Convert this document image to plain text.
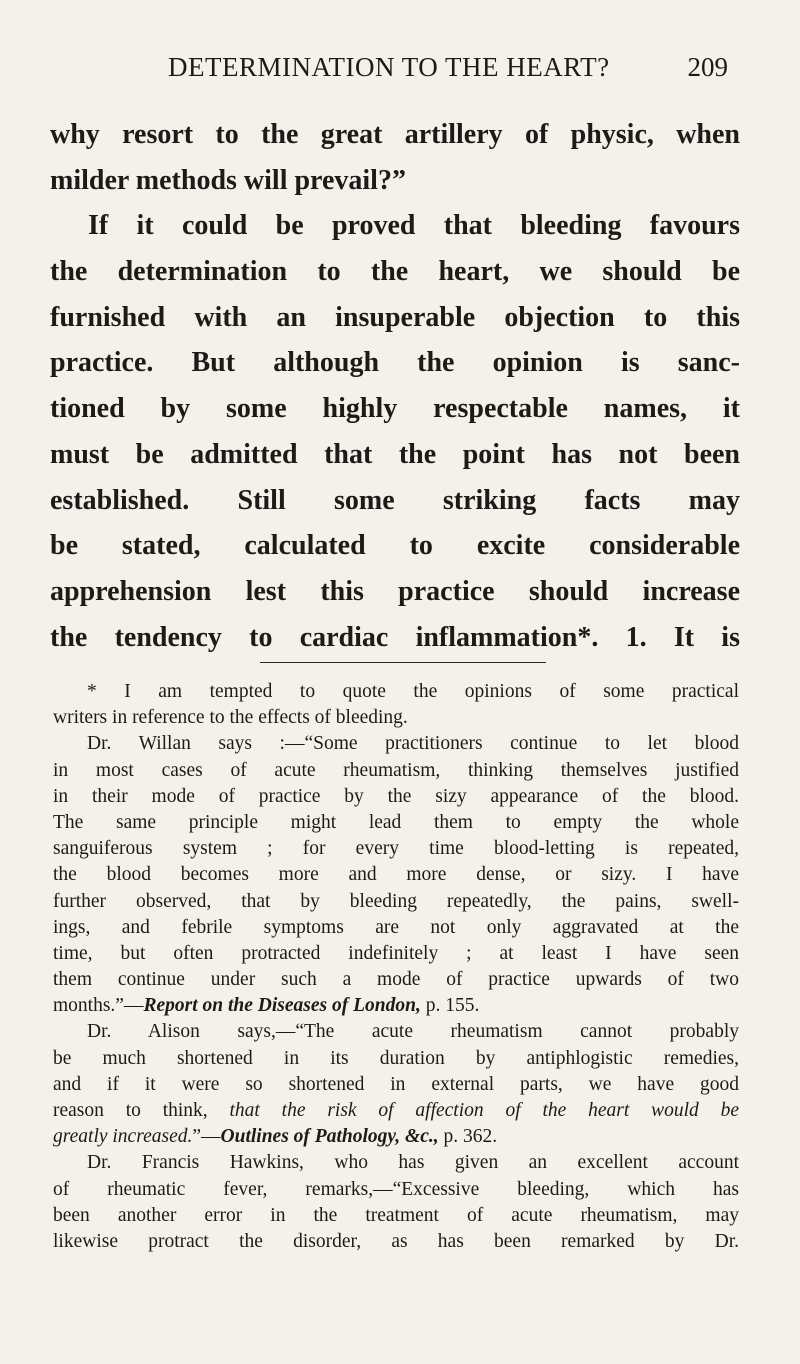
DETERMINATION TO THE HEART?	209
why resort to the great artillery of physic, when
milder methods will prevail?”
If it could be proved that bleeding favours
the determination to the heart, we should be
furnished with an insuperable objection to this
practice. But although the opinion is sanc-
tioned by some highly respectable names, it
must be admitted that the point has not been
established. Still some striking facts may
be stated, calculated to excite considerable
apprehension lest this practice should increase
the tendency to cardiac inflammation*. 1. It is
* I am tempted to quote the opinions of some practical
writers in reference to the effects of bleeding.
Dr. Willan says :—“Some practitioners continue to let blood
in most cases of acute rheumatism, thinking themselves justified
in their mode of practice by the sizy appearance of the blood.
The same principle might lead them to empty the whole
sanguiferous system ; for every time blood-letting is repeated,
the blood becomes more and more dense, or sizy. I have
further observed, that by bleeding repeatedly, the pains, swell-
ings, and febrile symptoms are not only aggravated at the
time, but often protracted indefinitely ; at least I have seen
them continue under such a mode of practice upwards of two
months.”—Report on the Diseases of London, p. 155.
Dr. Alison says,—“The acute rheumatism cannot probably
be much shortened in its duration by antiphlogistic remedies,
and if it were so shortened in external parts, we have good
reason to think, that the risk of affection of the heart would be
greatly increased.”—Outlines of Pathology, &c., p. 362.
Dr. Francis Hawkins, who has given an excellent account
of rheumatic fever, remarks,—“Excessive bleeding, which has
been another error in the treatment of acute rheumatism, may
likewise protract the disorder, as has been remarked by Dr.
